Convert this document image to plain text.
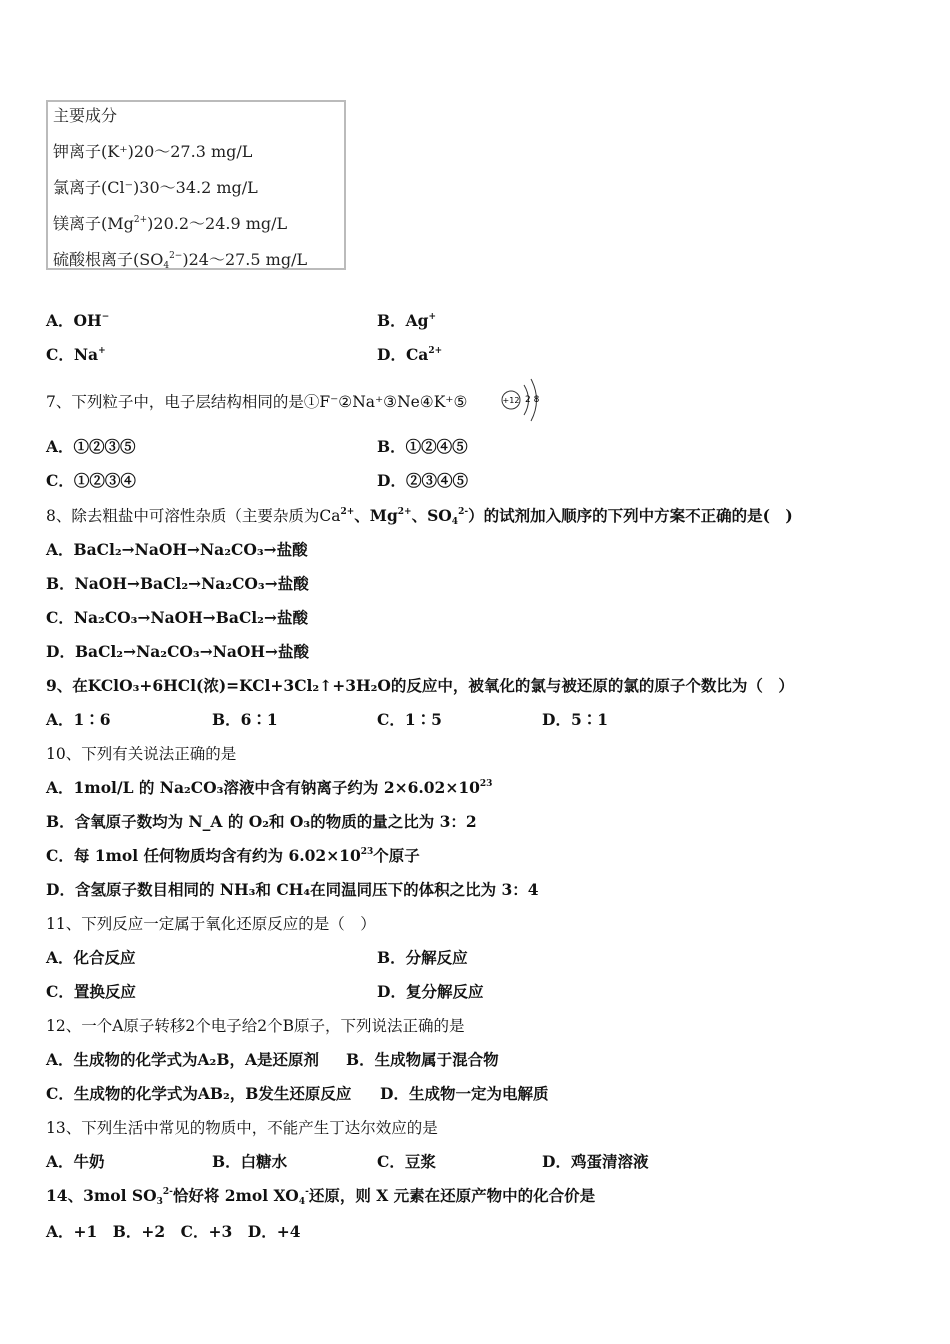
主要成分
钾离子(K⁺)20～27.3 mg/L
氯离子(Cl⁻)30～34.2 mg/L
镁离子$(Mg^{2+})20.2\sim 24.9$ mg/L
硫酸根离子$(SO_4^{2-})24\sim 27.5$ mg/L
A．OH−	B．Ag+
C．Na+	D．$Ca^{2+}$
7、下列粒子中，电子层结构相同的是①F⁻②Na⁺③Ne④K⁺⑤	+12 2 8
A．①②③⑤	B．①②④⑤
C．①②③④	D．②③④⑤
8、除去粗盐中可溶性杂质（主要杂质为$Ca^{2+}$、$Mg^{2+}$、$SO_4^{2-}$）的试剂加入顺序的下列中方案不正确的是(　)
A．BaCl₂→NaOH→Na₂CO₃→盐酸
B．NaOH→BaCl₂→Na₂CO₃→盐酸
C．Na₂CO₃→NaOH→BaCl₂→盐酸
D．BaCl₂→Na₂CO₃→NaOH→盐酸
9、在KClO₃+6HCl(浓)=KCl+3Cl₂↑+3H₂O的反应中，被氧化的氯与被还原的氯的原子个数比为（　）
A．1∶6	B．6∶1	C．1∶5	D．5∶1
10、下列有关说法正确的是
A．1mol/L 的 Na₂CO₃溶液中含有钠离子约为 $2\times 6.02\times 10^{23}$
B．含氧原子数均为 N_A 的 O₂和 O₃的物质的量之比为 3：2
C．每 1mol 任何物质均含有约为 $6.02\times 10^{23}$个原子
D．含氢原子数目相同的 NH₃和 CH₄在同温同压下的体积之比为 3：4
11、下列反应一定属于氧化还原反应的是（　）
A．化合反应	B．分解反应
C．置换反应	D．复分解反应
12、一个A原子转移2个电子给2个B原子，下列说法正确的是
A．生成物的化学式为A₂B，A是还原剂 B．生成物属于混合物
C．生成物的化学式为AB₂，B发生还原反应 D．生成物一定为电解质
13、下列生活中常见的物质中，不能产生丁达尔效应的是
A．牛奶	B．白糖水	C．豆浆	D．鸡蛋清溶液
14、3mol $SO_3^{2-}$恰好将 2mol $XO_4^-$还原，则 X 元素在还原产物中的化合价是
A．+1　B．+2　C．+3　D．+4
